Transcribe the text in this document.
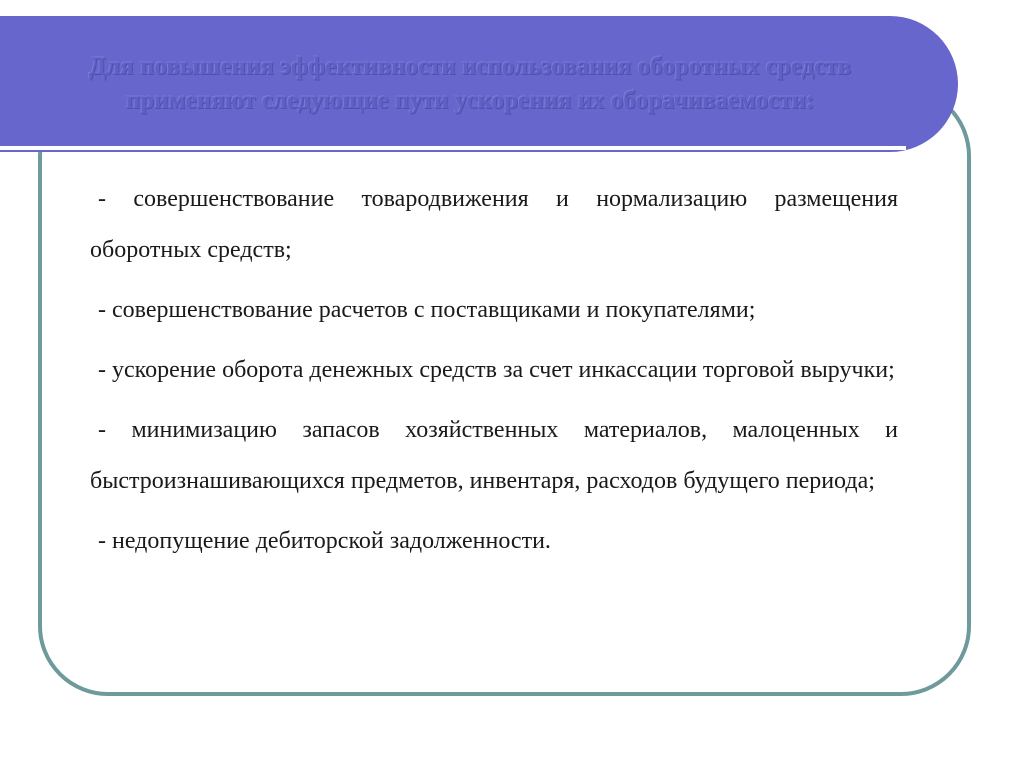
Для повышения эффективности использования оборотных средств применяют следующие пути ускорения их оборачиваемости:

- совершенствование товародвижения и нормализацию размещения оборотных средств;

- совершенствование расчетов с поставщиками и покупателями;

- ускорение оборота денежных средств за счет инкассации торговой выручки;

- минимизацию запасов хозяйственных материалов, малоценных и быстроизнашивающихся предметов, инвентаря, расходов будущего периода;

- недопущение дебиторской задолженности.
